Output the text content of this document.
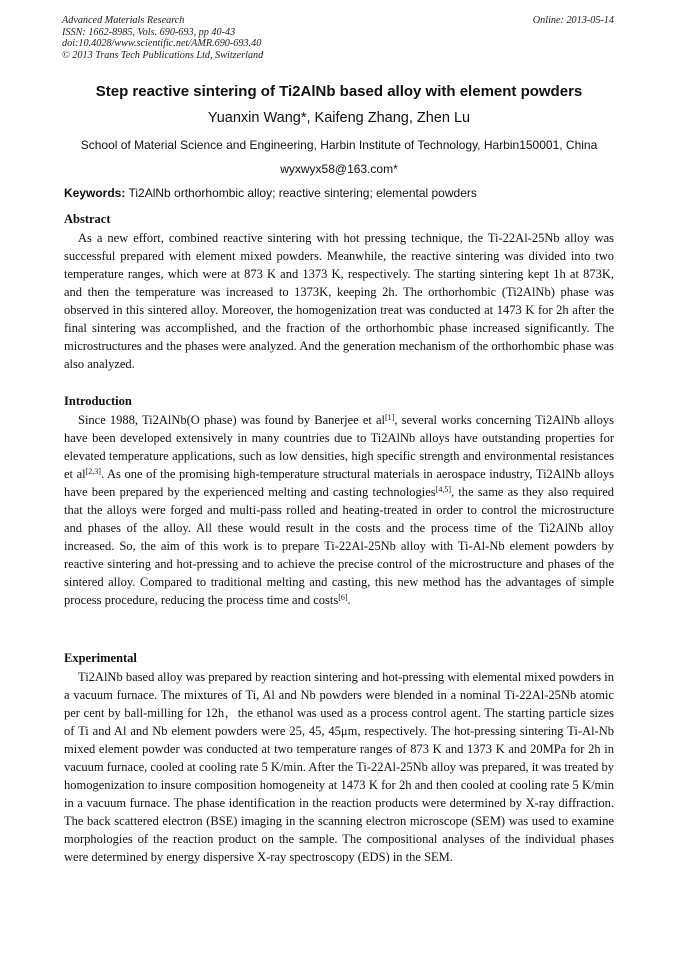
Advanced Materials Research
ISSN: 1662-8985, Vols. 690-693, pp 40-43
doi:10.4028/www.scientific.net/AMR.690-693.40
© 2013 Trans Tech Publications Ltd, Switzerland
Online: 2013-05-14
Step reactive sintering of Ti2AlNb based alloy with element powders
Yuanxin Wang*, Kaifeng Zhang, Zhen Lu
School of Material Science and Engineering, Harbin Institute of Technology, Harbin150001, China
wyxwyx58@163.com*
Keywords: Ti2AlNb orthorhombic alloy; reactive sintering; elemental powders
Abstract

As a new effort, combined reactive sintering with hot pressing technique, the Ti-22Al-25Nb alloy was successful prepared with element mixed powders. Meanwhile, the reactive sintering was divided into two temperature ranges, which were at 873 K and 1373 K, respectively. The starting sintering kept 1h at 873K, and then the temperature was increased to 1373K, keeping 2h. The orthorhombic (Ti2AlNb) phase was observed in this sintered alloy. Moreover, the homogenization treat was conducted at 1473 K for 2h after the final sintering was accomplished, and the fraction of the orthorhombic phase increased significantly. The microstructures and the phases were analyzed. And the generation mechanism of the orthorhombic phase was also analyzed.

Introduction

Since 1988, Ti2AlNb(O phase) was found by Banerjee et al[1], several works concerning Ti2AlNb alloys have been developed extensively in many countries due to Ti2AlNb alloys have outstanding properties for elevated temperature applications, such as low densities, high specific strength and environmental resistances et al[2,3]. As one of the promising high-temperature structural materials in aerospace industry, Ti2AlNb alloys have been prepared by the experienced melting and casting technologies[4,5], the same as they also required that the alloys were forged and multi-pass rolled and heating-treated in order to control the microstructure and phases of the alloy. All these would result in the costs and the process time of the Ti2AlNb alloy increased. So, the aim of this work is to prepare Ti-22Al-25Nb alloy with Ti-Al-Nb element powders by reactive sintering and hot-pressing and to achieve the precise control of the microstructure and phases of the sintered alloy. Compared to traditional melting and casting, this new method has the advantages of simple process procedure, reducing the process time and costs[6].

Experimental

Ti2AlNb based alloy was prepared by reaction sintering and hot-pressing with elemental mixed powders in a vacuum furnace. The mixtures of Ti, Al and Nb powders were blended in a nominal Ti-22Al-25Nb atomic per cent by ball-milling for 12h，the ethanol was used as a process control agent. The starting particle sizes of Ti and Al and Nb element powders were 25, 45, 45μm, respectively. The hot-pressing sintering Ti-Al-Nb mixed element powder was conducted at two temperature ranges of 873 K and 1373 K and 20MPa for 2h in vacuum furnace, cooled at cooling rate 5 K/min. After the Ti-22Al-25Nb alloy was prepared, it was treated by homogenization to insure composition homogeneity at 1473 K for 2h and then cooled at cooling rate 5 K/min in a vacuum furnace. The phase identification in the reaction products were determined by X-ray diffraction. The back scattered electron (BSE) imaging in the scanning electron microscope (SEM) was used to examine morphologies of the reaction product on the sample. The compositional analyses of the individual phases were determined by energy dispersive X-ray spectroscopy (EDS) in the SEM.
